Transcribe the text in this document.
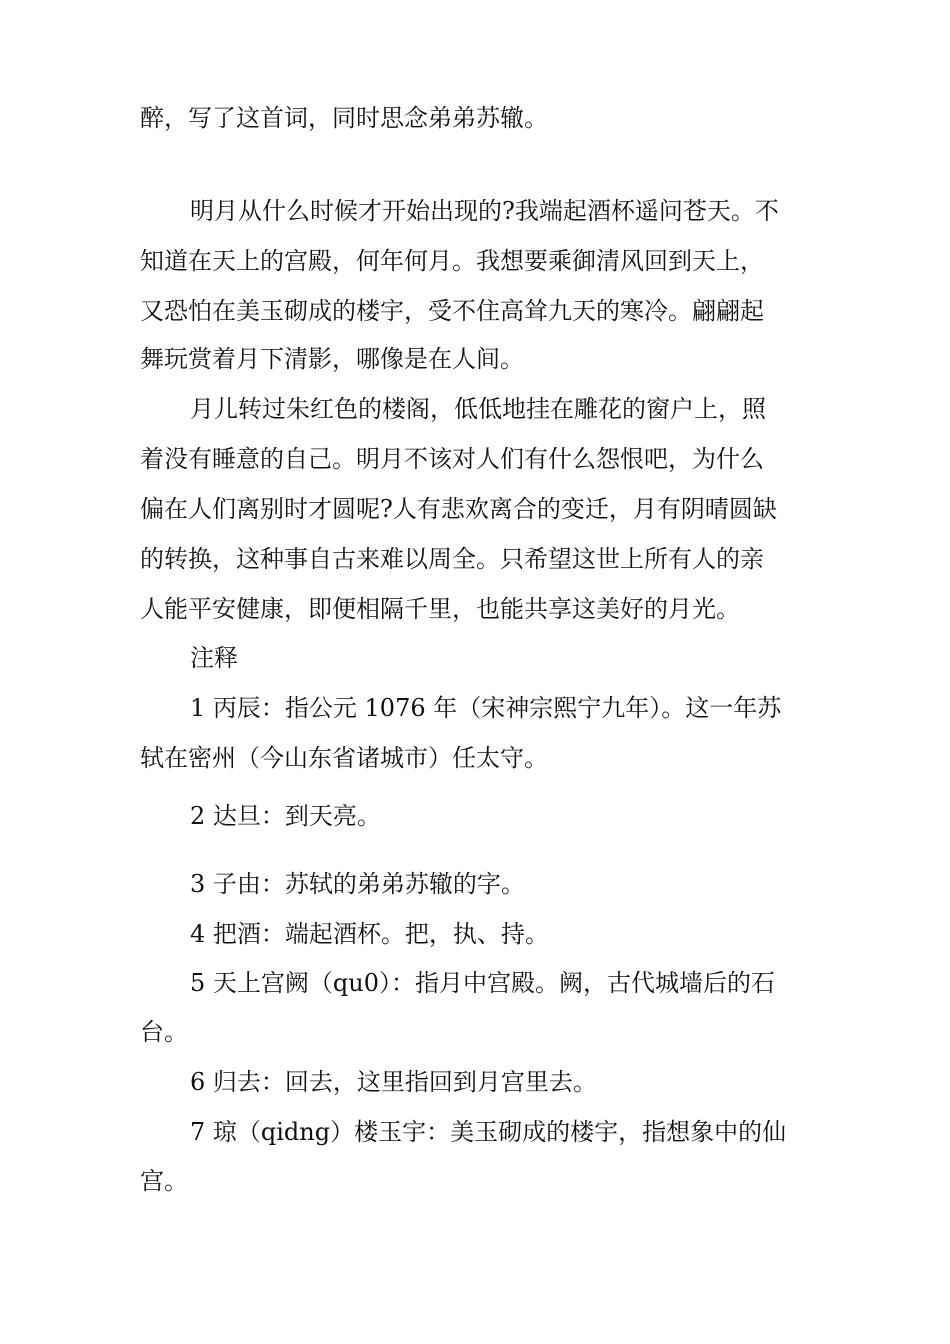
醉，写了这首词，同时思念弟弟苏辙。
明月从什么时候才开始出现的?我端起酒杯遥问苍天。不
知道在天上的宫殿，何年何月。我想要乘御清风回到天上，
又恐怕在美玉砌成的楼宇，受不住高耸九天的寒冷。翩翩起
舞玩赏着月下清影，哪像是在人间。
月儿转过朱红色的楼阁，低低地挂在雕花的窗户上，照
着没有睡意的自己。明月不该对人们有什么怨恨吧，为什么
偏在人们离别时才圆呢?人有悲欢离合的变迁，月有阴晴圆缺
的转换，这种事自古来难以周全。只希望这世上所有人的亲
人能平安健康，即便相隔千里，也能共享这美好的月光。
注释
1 丙辰：指公元 1076 年（宋神宗熙宁九年）。这一年苏
轼在密州（今山东省诸城市）任太守。
2 达旦：到天亮。
3 子由：苏轼的弟弟苏辙的字。
4 把酒：端起酒杯。把，执、持。
5 天上宫阙（qu0）：指月中宫殿。阙，古代城墙后的石
台。
6 归去：回去，这里指回到月宫里去。
7 琼（qidng）楼玉宇：美玉砌成的楼宇，指想象中的仙
宫。
